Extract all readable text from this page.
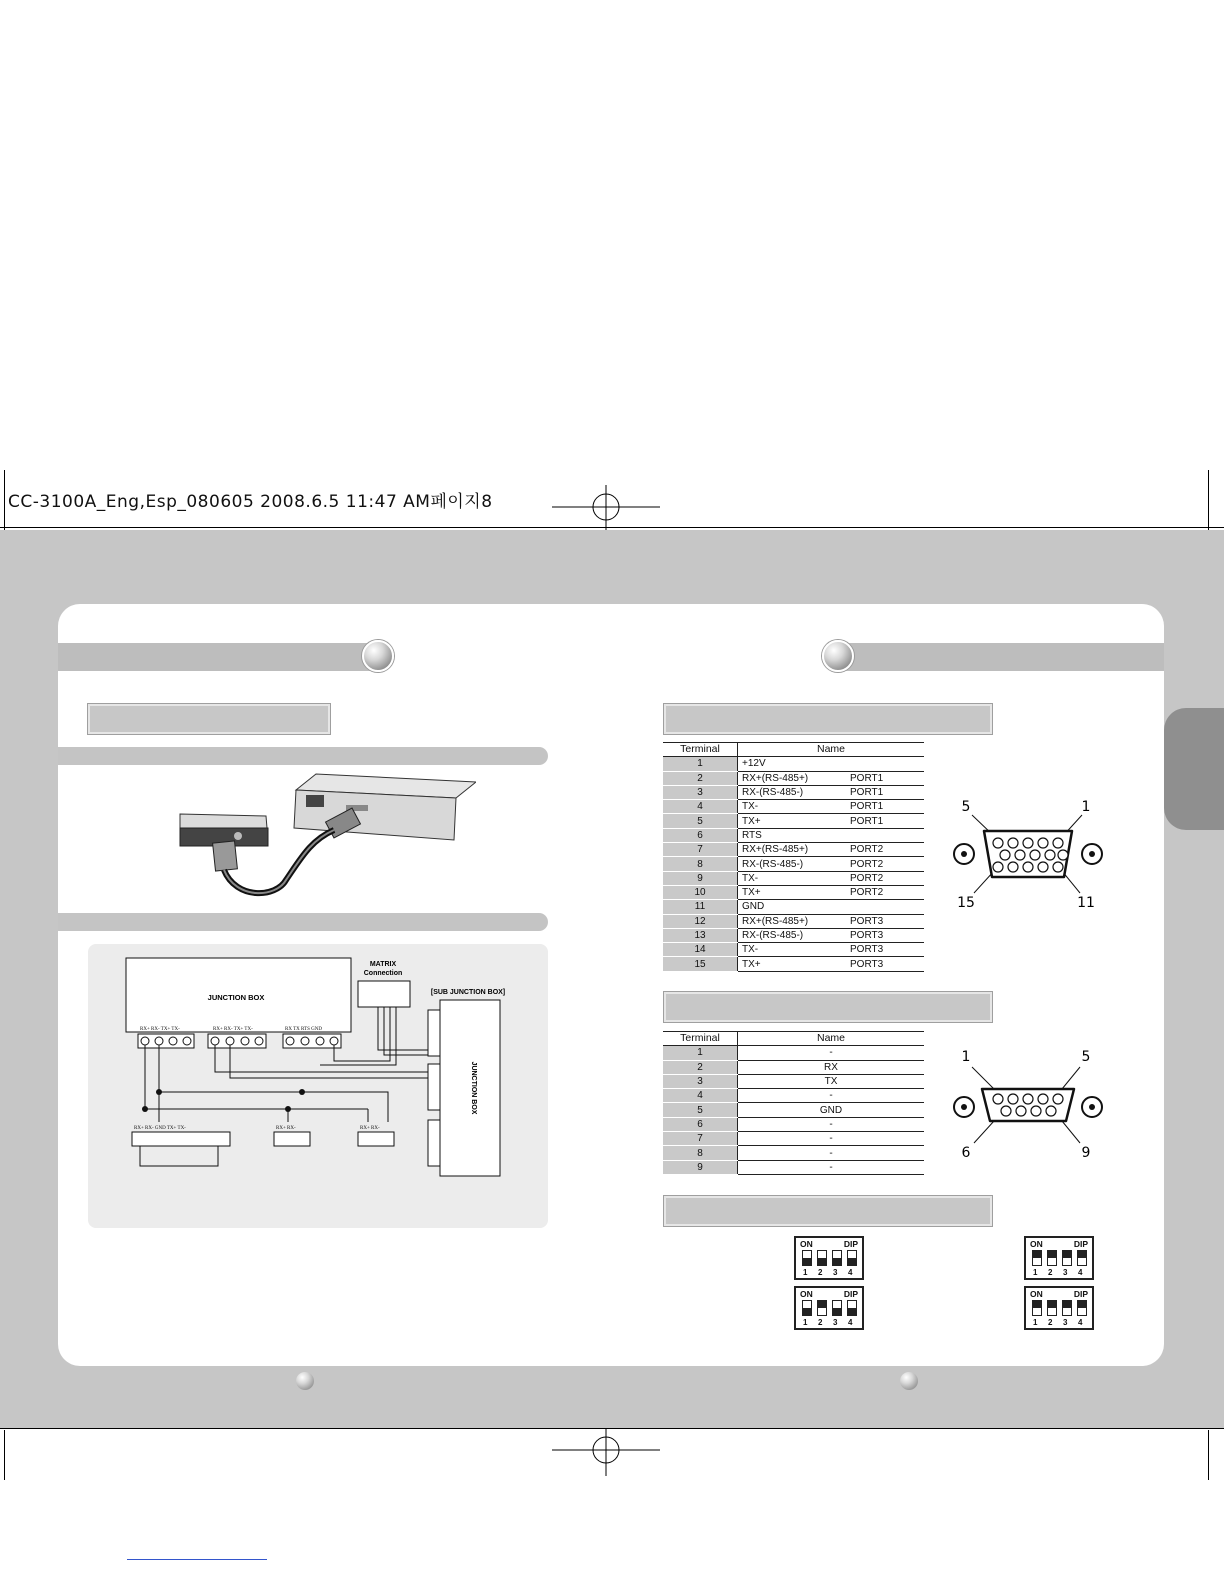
CC-3100A_Eng,Esp_080605 2008.6.5 11:47 AM페이지8
JUNCTION BOX
MATRIX
Connection
[SUB JUNCTION BOX]
JUNCTION BOX
RX+ RX- TX+ TX-	RX+ RX- TX+ TX-	RX TX RTS GND
RX+ RX- GND TX+ TX-	RX+ RX-	RX+ RX-
Terminal	Name	
1	+12V	
2	RX+(RS-485+)	PORT1
3	RX-(RS-485-)	PORT1
4	TX-	PORT1
5	TX+	PORT1
6	RTS	
7	RX+(RS-485+)	PORT2
8	RX-(RS-485-)	PORT2
9	TX-	PORT2
10	TX+	PORT2
11	GND	
12	RX+(RS-485+)	PORT3
13	RX-(RS-485-)	PORT3
14	TX-	PORT3
15	TX+	PORT3
5	1
15	11
Terminal	Name
1	-
2	RX
3	TX
4	-
5	GND
6	-
7	-
8	-
9	-
1	5
6	9
ON	DIP
1 2 3 4
ON	DIP
1 2 3 4
ON	DIP
1 2 3 4
ON	DIP
1 2 3 4
